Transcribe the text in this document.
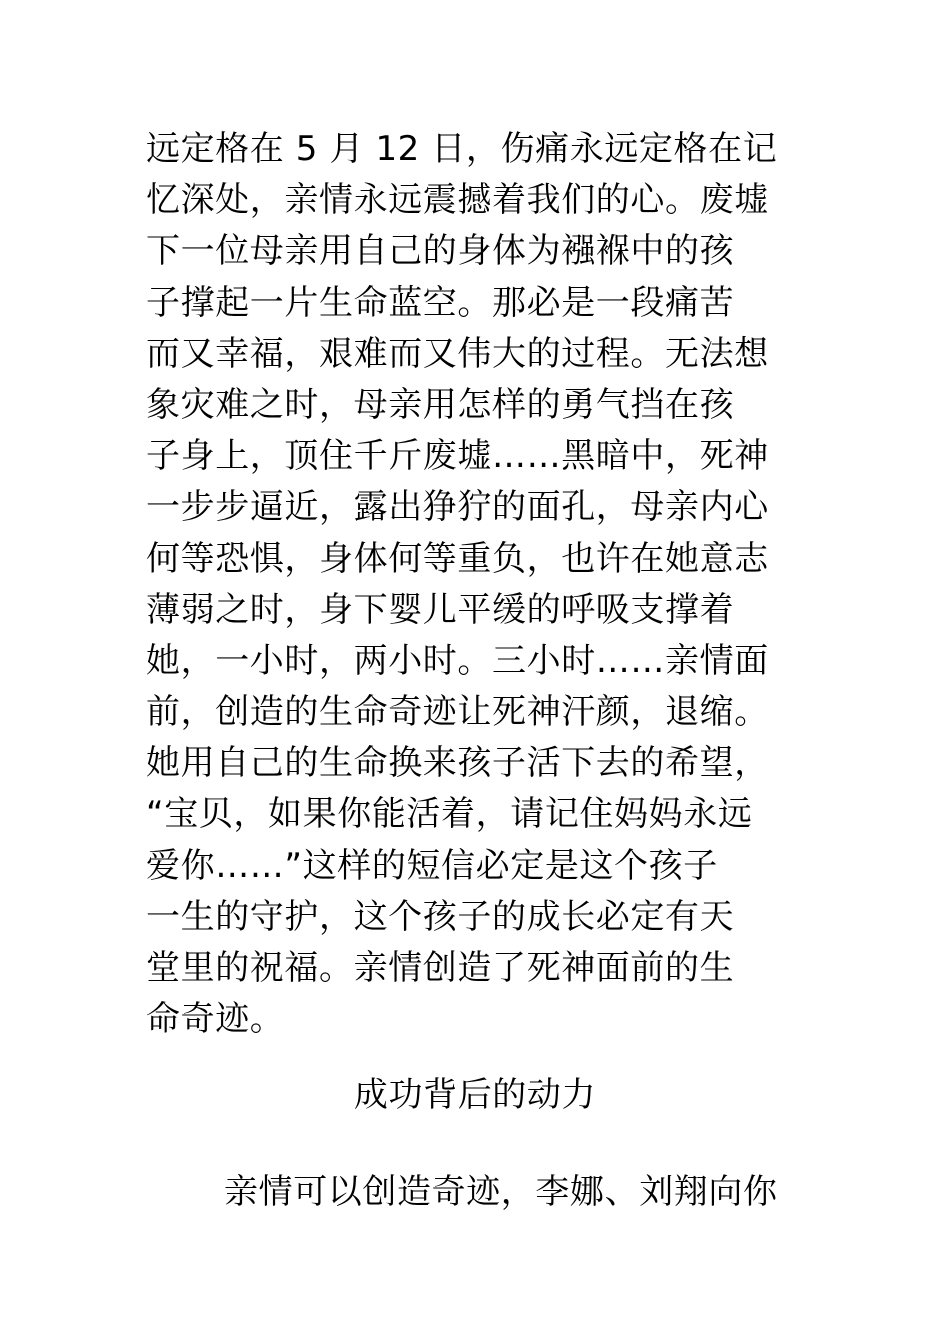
远定格在 5 月 12 日，伤痛永远定格在记
忆深处，亲情永远震撼着我们的心。废墟
下一位母亲用自己的身体为襁褓中的孩
子撑起一片生命蓝空。那必是一段痛苦
而又幸福，艰难而又伟大的过程。无法想
象灾难之时，母亲用怎样的勇气挡在孩
子身上，顶住千斤废墟……黑暗中，死神
一步步逼近，露出狰狞的面孔，母亲内心
何等恐惧，身体何等重负，也许在她意志
薄弱之时，身下婴儿平缓的呼吸支撑着
她，一小时，两小时。三小时……亲情面
前，创造的生命奇迹让死神汗颜，退缩。
她用自己的生命换来孩子活下去的希望，
“宝贝，如果你能活着，请记住妈妈永远
爱你……”这样的短信必定是这个孩子
一生的守护，这个孩子的成长必定有天
堂里的祝福。亲情创造了死神面前的生
命奇迹。
成功背后的动力
亲情可以创造奇迹，李娜、刘翔向你
